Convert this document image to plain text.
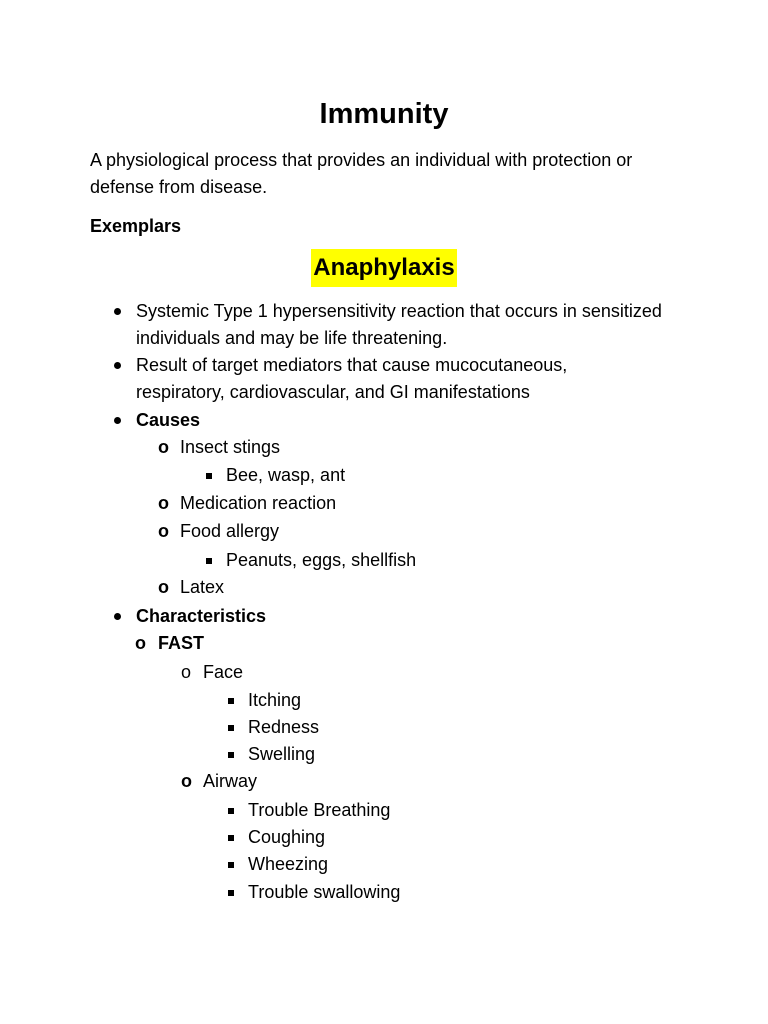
Immunity
A physiological process that provides an individual with protection or defense from disease.
Exemplars
Anaphylaxis
Systemic Type 1 hypersensitivity reaction that occurs in sensitized individuals and may be life threatening.
Result of target mediators that cause mucocutaneous, respiratory, cardiovascular, and GI manifestations
Causes
o Insect stings
Bee, wasp, ant
o Medication reaction
o Food allergy
Peanuts, eggs, shellfish
o Latex
Characteristics
o FAST
o Face
Itching
Redness
Swelling
o Airway
Trouble Breathing
Coughing
Wheezing
Trouble swallowing
